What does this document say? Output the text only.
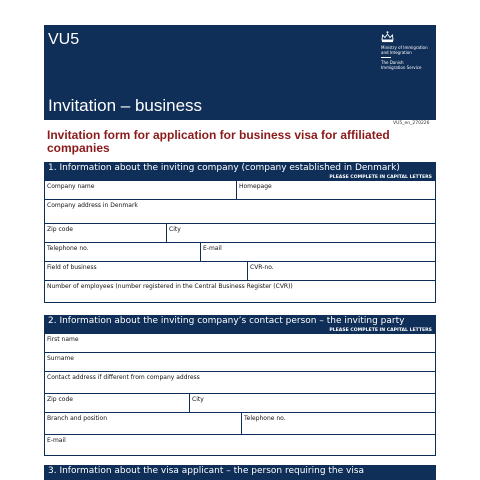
VU5
Invitation – business
Ministry of Immigration
and Integration
The Danish
Immigration Service
VU5_en_270226
Invitation form for application for business visa for affiliated companies
1. Information about the inviting company (company established in Denmark)
PLEASE COMPLETE IN CAPITAL LETTERS
Company name	Homepage
Company address in Denmark
Zip code	City
Telephone no.	E-mail
Field of business	CVR-no.
Number of employees (number registered in the Central Business Register (CVR))
2. Information about the inviting company’s contact person – the inviting party
PLEASE COMPLETE IN CAPITAL LETTERS
First name
Surname
Contact address if different from company address
Zip code	City
Branch and position	Telephone no.
E-mail
3. Information about the visa applicant – the person requiring the visa
